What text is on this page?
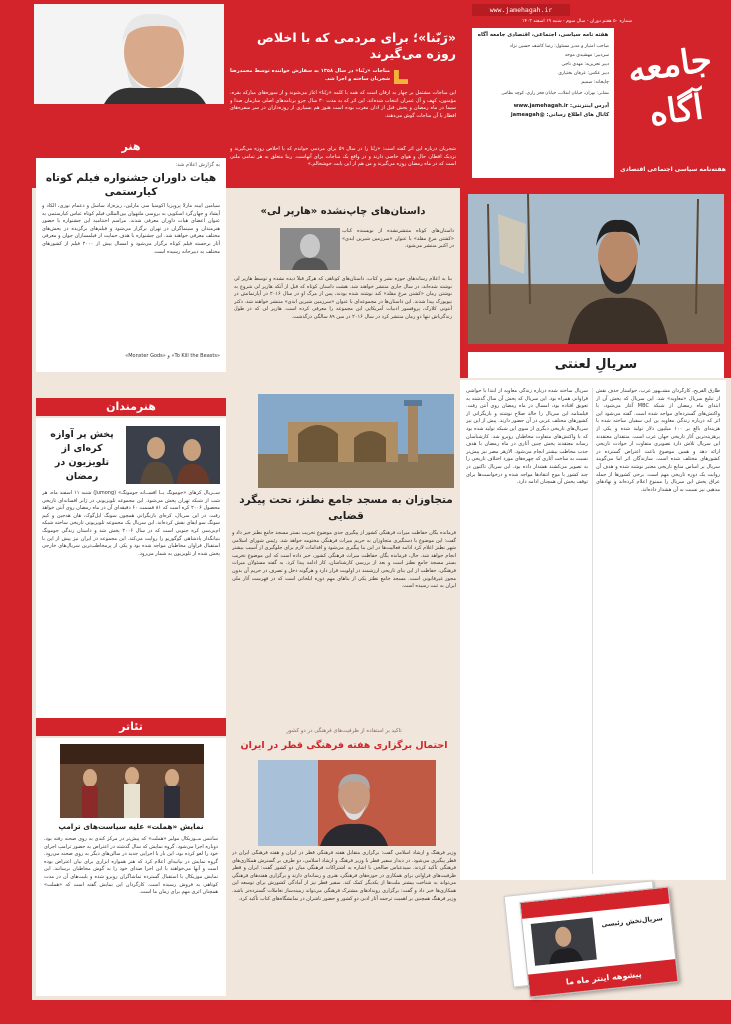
www.jamehagah.ir
شماره ۵۰ هفتم دوران - سال سوم - شنبه ۱۹ اسفند ۱۴۰۲
هفته نامه سیاسی، اجتماعی، اقتصادی جامعه آگاه
صاحب امتیاز و مدیر مسئول: رضا کاشف حسین نژاد
سردبیر: مهشیدی موحد
دبیر تحریریه: مهدی ناجی
دبیر عکس: عرفان بختیاری
چاپخانه: صمیم
نشانی: تهران، خیابان انقلاب، خیابان فخر رازی، کوچه نظامی
آدرس اینترنتی: www.jamehagah.ir
کانال های اطلاع رسانی: @jameagah
جامعه آگاه
هفته‌نامه سیاسی اجتماعی اقتصادی
«رَبّنا»؛ برای مردمی که با اخلاص روزه می‌گیرند
مناجات «ربّنا» در سال ۱۳۵۸ به سفارش خواننده توسط محمدرضا شجریان ساخته و اجرا شد.
این مناجات مشتمل بر چهار به ارقان است که همه با کلمه «ربّنا» آغاز می‌شوند و از سوره‌های مبارکه بقره، مؤمنون، کهف و آل عمران انتخاب شده‌اند. این اثر که به مدت ۳۰ سال جزو برنامه‌های اصلی سازمان صدا و سیما در ماه رمضان و پخش قبل از اذان مغرب بوده است هنوز هم بسیاری از روزه‌داران در سر سفره‌های افطار با آن مناجات گوش می‌دهند.
شجریان درباره این اثر گفته است: «ربّنا را در سال ۵۹ برای مردمی خواندم که با اخلاص روزه می‌گیرند و نزدیک افطار، حال و هوای خاصی دارند و در واقع یک مناجات برای آنهاست. ربنا متعلق به هر تمامی ملتی است که در ماه رمضان روزه می‌گیرند و من هم از این بابت خوشحالم.»
هنر
به گزارش اعلام شد:
هیات داوران جشنواره فیلم کوتاه کیارستمی
سیامین آیینه مارلا پرویزیا آکومنیا سی مارلین، ریزه‌زاد ساسل و دعمام نوری، الکاد و آیشاد و جهان‌گرد اسکوپی به بروسی ملتهوان بین‌المللی فیلم کوتاه عباس کیارستمی به عنوان اعضای هیات داوران معرفی شدند. مراسم اختتامیه این جشنواره با حضور هنرمندان و سینماگران در تهران برگزار می‌شود و فیلم‌های برگزیده در بخش‌های مختلف معرفی خواهند شد. این جشنواره با هدف حمایت از فیلمسازان جوان و معرفی آثار برجسته فیلم کوتاه برگزار می‌شود و امسال بیش از ۲۰۰۰ فیلم از کشورهای مختلف به دبیرخانه رسیده است.
«To Kill the Beasts» و «Monster Gods»
داستان‌های چاپ‌نشده «هارپر لی»
داستان‌های کوتاه منتشرنشده از نویسنده کتاب «کشتن مرغ مقلد» با عنوان «سرزمین شیرین ابدی» در اکتبر منتشر می‌شود.
بنا به اعلام رسانه‌های حوزه نشر و کتاب، داستان‌های کوتاهی که هرگز قبلاً دیده نشده و توسط هارپر لی نوشته شده‌اند، در سال جاری منتشر خواهند شد. هشت داستان کوتاه که قبل از آنکه هارپر لی شروع به نوشتن رمان «کشتن مرغ مقلد» کند نوشته شده بودند، پس از مرگ او در سال ۲۰۱۶ در آپارتمانش در نیویورک پیدا شدند. این داستان‌ها در مجموعه‌ای با عنوان «سرزمین شیرین ابدی» منتشر خواهند شد. دکتر آنتونی کلارک، پروفسور ادبیات آمریکایی این مجموعه را معرفی کرده است. هارپر لی که در طول زندگی‌اش تنها دو رمان منتشر کرد در سال ۲۰۱۶ در سن ۸۹ سالگی درگذشت.
سریالِ لعنتی
طارق الفریح، کارگردان مشــهور عرب، خواستار حذف نقش از تبلیغ سریال «معاویه» شد. این سریال که پخش آن از ابتدای ماه رمضان از شبکه MBC آغاز می‌شود، با واکنش‌های گسترده‌ای مواجه شده است. گفته می‌شود این اثر که درباره زندگی معاویه بن ابی سفیان ساخته شده با هزینه‌ای بالغ بر ۱۰۰ میلیون دلار تولید شده و یکی از پرهزینه‌ترین آثار تاریخی جهان عرب است. منتقدان معتقدند این سریال تلاش دارد تصویری متفاوت از حوادث تاریخی ارائه دهد و همین موضوع باعث اعتراض گسترده در کشورهای مختلف شده است. سازندگان اثر اما می‌گویند سریال بر اساس منابع تاریخی معتبر نوشته شده و هدف آن روایت یک دوره تاریخی مهم است. برخی کشورها از جمله عراق پخش این سریال را ممنوع اعلام کرده‌اند و نهادهای مذهبی نیز نسبت به آن هشدار داده‌اند.
سریال ساخته شده درباره زندگی معاویه از ابتدا با حواشی فراوانی همراه بود. این سریال که پخش آن سال گذشته به تعویق افتاده بود، امسال در ماه رمضان روی آنتن رفت. فیلمنامه این سریال را خالد صلاح نوشته و بازیگرانی از کشورهای مختلف عربی در آن حضور دارند. پیش از این نیز سریال‌های تاریخی دیگری از سوی این شبکه تولید شده بود که با واکنش‌های متفاوت مخاطبان روبرو شد. کارشناسان رسانه معتقدند پخش چنین آثاری در ماه رمضان با هدف جذب مخاطب بیشتر انجام می‌شود. الازهر مصر نیز پیش‌تر نسبت به ساخت آثاری که چهره‌های مورد اختلاف تاریخی را به تصویر می‌کشند هشدار داده بود. این سریال تاکنون در چند کشور با موج انتقادها مواجه شده و درخواست‌ها برای توقف پخش آن همچنان ادامه دارد.
هنرمندان
پخش پر آوازه کره‌ای از تلویزیون در رمضان
ســریال کرهای «جومونگ یــا افســانه جومونگ» (Jumong) شنبه ۱۱ اسفند ماه، هر شب از شبکه تهران پخش می‌شود. این مجموعه تلویزیونی در ژانر افسانه‌ای تاریخی محصول ۲۰۰۶ کره است که ۸۱ قسمت ۶۰ دقیقه‌ای آن در ماه رمضان روی آنتن خواهد رفت. در این سریال، کره‌ای بازیگرانی همچون سونگ ایل‌گوک، هان هه‌جین و کیم سونگ سو ایفای نقش کرده‌اند. این سریال یک مجموعه تلویزیونی تاریخی ساخته شبکه ام‌بی‌سی کره جنوبی است که در سال ۲۰۰۶ پخش شد و داستان زندگی جومونگ بنیانگذار پادشاهی گوگوریو را روایت می‌کند. این مجموعه در ایران نیز پیش از این با استقبال فراوان مخاطبان مواجه شده بود و یکی از پرمخاطب‌ترین سریال‌های خارجی پخش شده از تلویزیون به شمار می‌رود.
متجاوزان به مسجد جامع نطنز، تحت پیگرد قضایی
فرمانده یگان حفاظت میراث فرهنگی کشور از پیگیری جدی موضوع تخریب بستر مسجد جامع نطنز خبر داد و گفت: این موضوع با دستگیری متجاوزان به حریم میراث فرهنگی مختومه خواهد شد. رئیس شورای اسلامی شهر نطنز اعلام کرد ادامه فعالیت‌ها در این بنا پیگیری می‌شود و اقدامات لازم برای جلوگیری از آسیب بیشتر انجام خواهد شد. حال، فرمانده یگان حفاظت میراث فرهنگی کشور، خبر داده است که این موضوع تخریب بستر مسجد جامع نطنز است و بعد از بررسی کارشناسان، کار ادامه پیدا کرد. به گفته مسئولان میراث فرهنگی، حفاظت از این بنای تاریخی ارزشمند در اولویت قرار دارد و هرگونه دخل و تصرف در حریم آن بدون مجوز غیرقانونی است. مسجد جامع نطنز یکی از بناهای مهم دوره ایلخانی است که در فهرست آثار ملی ایران به ثبت رسیده است.
تئاتر
نمایش «هملت» علیه سیاست‌های ترامپ
سانتس مــوزیکال مولیر «هملت» که پیش‌تر در مرکز کندی به روی صحنه رفته بود، دوباره اجرا می‌شود. گروه نمایش که سال گذشته در اعتراض به حضور ترامپ اجرای خود را لغو کرده بود، این بار با اجرایی جدید در سالن‌های دیگر به روی صحنه می‌رود. گروه نمایش در بیانیه‌ای اعلام کرد که هنر همواره ابزاری برای بیان اعتراض بوده است و آنها می‌خواهند با این اجرا صدای خود را به گوش مخاطبان برسانند. این نمایش موزیکال با استقبال گسترده تماشاگران روبرو شده و بلیت‌های آن در مدت کوتاهی به فروش رسیده است. کارگردان این نمایش گفته است که «هملت» همچنان اثری مهم برای زمان ما است.
تاکید بر استفاده از ظرفیت‌های فرهنگی در دو کشور
احتمال برگزاری هفته فرهنگی قطر در ایران
وزیر فرهنگ و ارشاد اسلامی گفت: برگزاری متقابل هفته فرهنگی قطر در ایران و هفته فرهنگی ایران در قطر پیگیری می‌شود. در دیدار سفیر قطر با وزیر فرهنگ و ارشاد اسلامی، دو طرف بر گسترش همکاری‌های فرهنگی تأکید کردند. سیدعباس صالحی با اشاره به اشتراکات فرهنگی میان دو کشور گفت: ایران و قطر ظرفیت‌های فراوانی برای همکاری در حوزه‌های فرهنگی، هنری و رسانه‌ای دارند و برگزاری هفته‌های فرهنگی می‌تواند به شناخت بیشتر ملت‌ها از یکدیگر کمک کند. سفیر قطر نیز از آمادگی کشورش برای توسعه این همکاری‌ها خبر داد و گفت: برگزاری رویدادهای مشترک فرهنگی می‌تواند زمینه‌ساز تعاملات گسترده‌تر باشد. وزیر فرهنگ همچنین بر اهمیت ترجمه آثار ادبی دو کشور و حضور ناشران در نمایشگاه‌های کتاب تأکید کرد.
سریال‌نخش رئیسی
پیشوهه اینتر ماه ما
